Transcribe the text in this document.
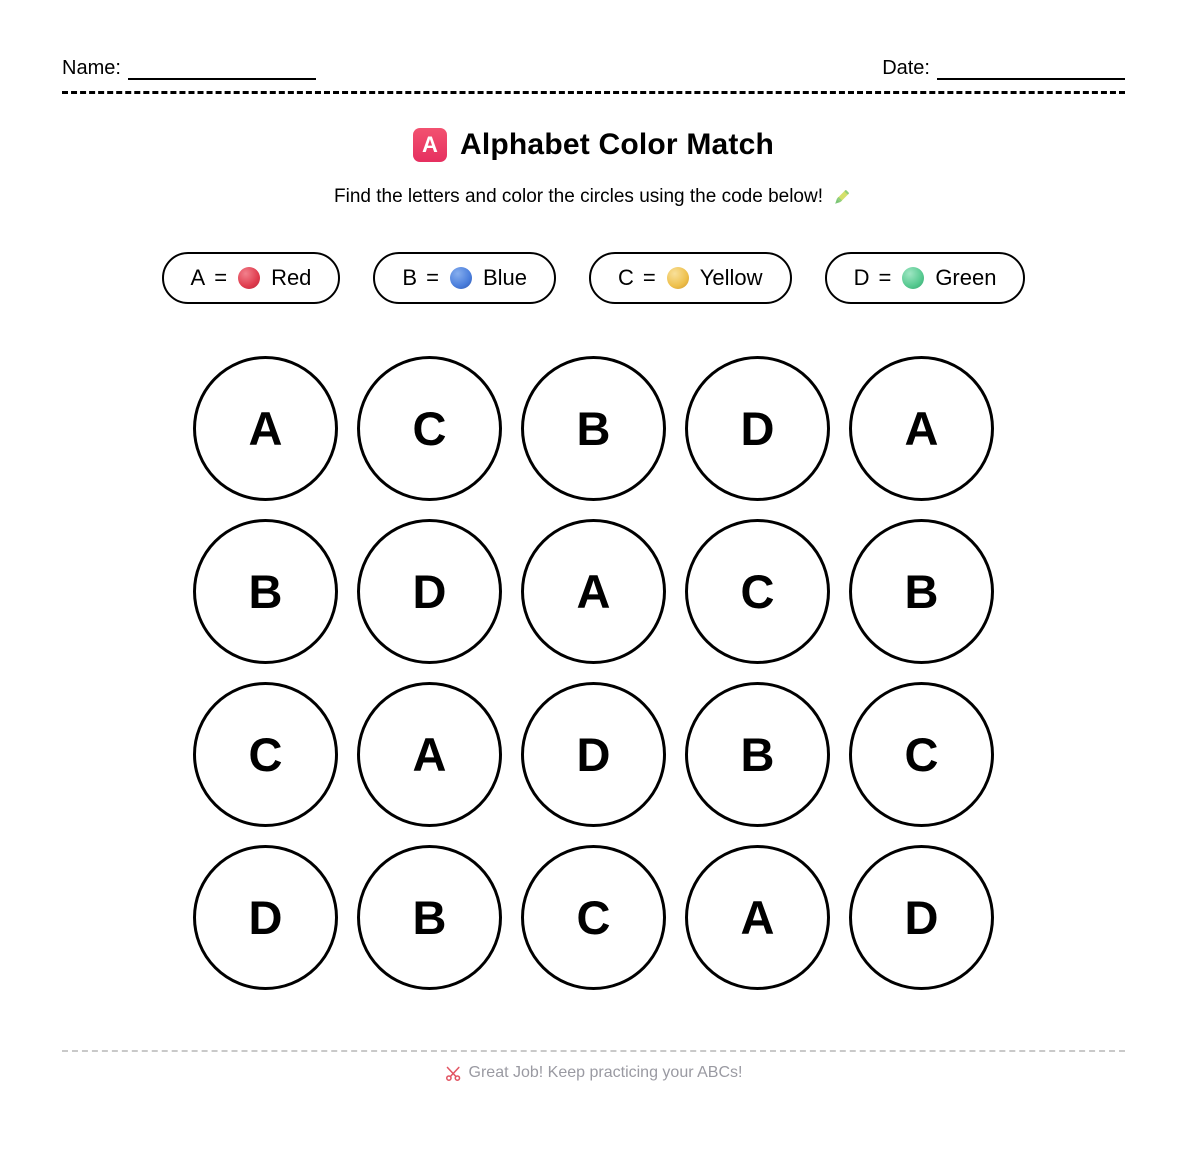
Name:	Date:
A Alphabet Color Match

Find the letters and color the circles using the code below!

A = Red	B = Blue	C = Yellow	D = Green
A	C	B	D	A
B	D	A	C	B
C	A	D	B	C
D	B	C	A	D

Great Job! Keep practicing your ABCs!
